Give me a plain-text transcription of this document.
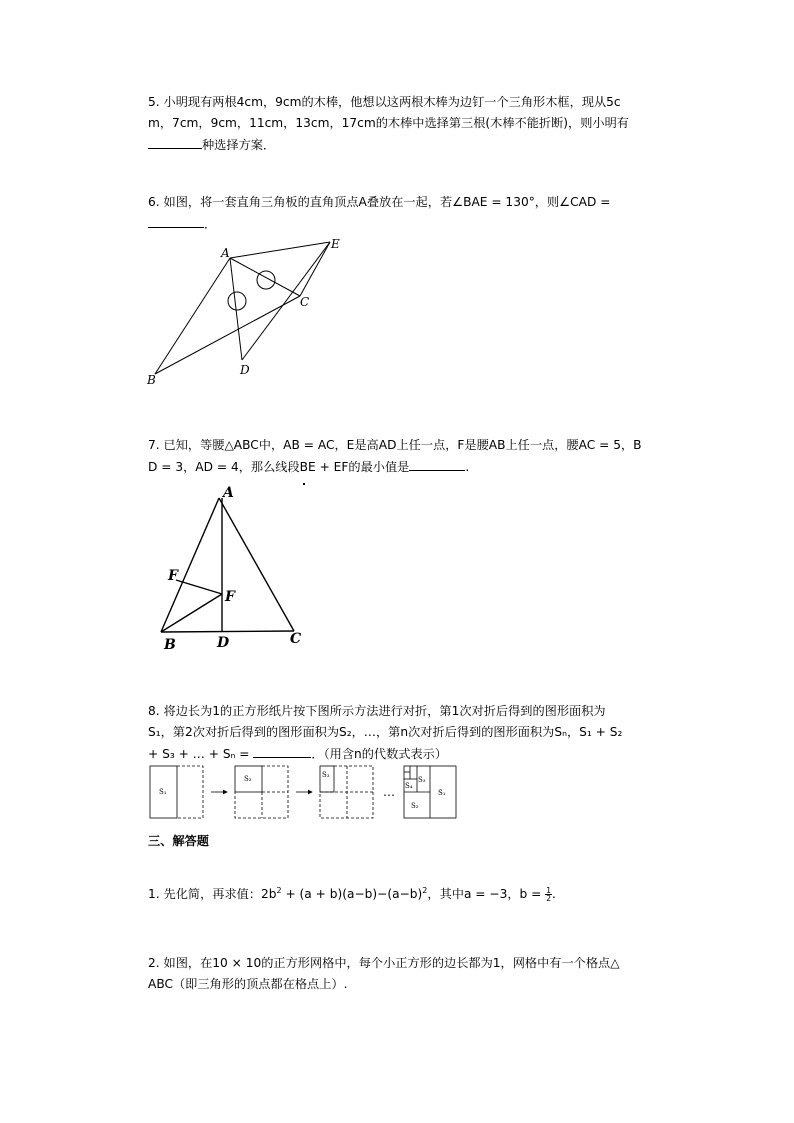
5. 小明现有两根4cm，9cm的木棒，他想以这两根木棒为边钉一个三角形木框，现从5c
m，7cm，9cm，11cm，13cm，17cm的木棒中选择第三根(木棒不能折断)，则小明有
种选择方案．
6. 如图，将一套直角三角板的直角顶点A叠放在一起，若∠BAE = 130°，则∠CAD =
．
A
E
C
D
B
7. 已知，等腰△ABC中，AB = AC，E是高AD上任一点，F是腰AB上任一点，腰AC = 5，B
D = 3，AD = 4，那么线段BE + EF的最小值是	.
A
F
F
B	D	C
8. 将边长为1的正方形纸片按下图所示方法进行对折，第1次对折后得到的图形面积为
S₁，第2次对折后得到的图形面积为S₂，…，第n次对折后得到的图形面积为Sₙ，S₁ + S₂
+ S₃ + … + Sₙ =	．（用含n的代数式表示）
S₁
S₂	S₃
S₄
S₃
S₂
S₁
…
三、解答题
1. 先化简，再求值：$2b^2 + (a + b)(a-b)-(a-b)^2$，其中a = −3，$b = \frac{1}{2}$ .
2. 如图，在10 × 10的正方形网格中，每个小正方形的边长都为1，网格中有一个格点△
ABC（即三角形的顶点都在格点上）.
